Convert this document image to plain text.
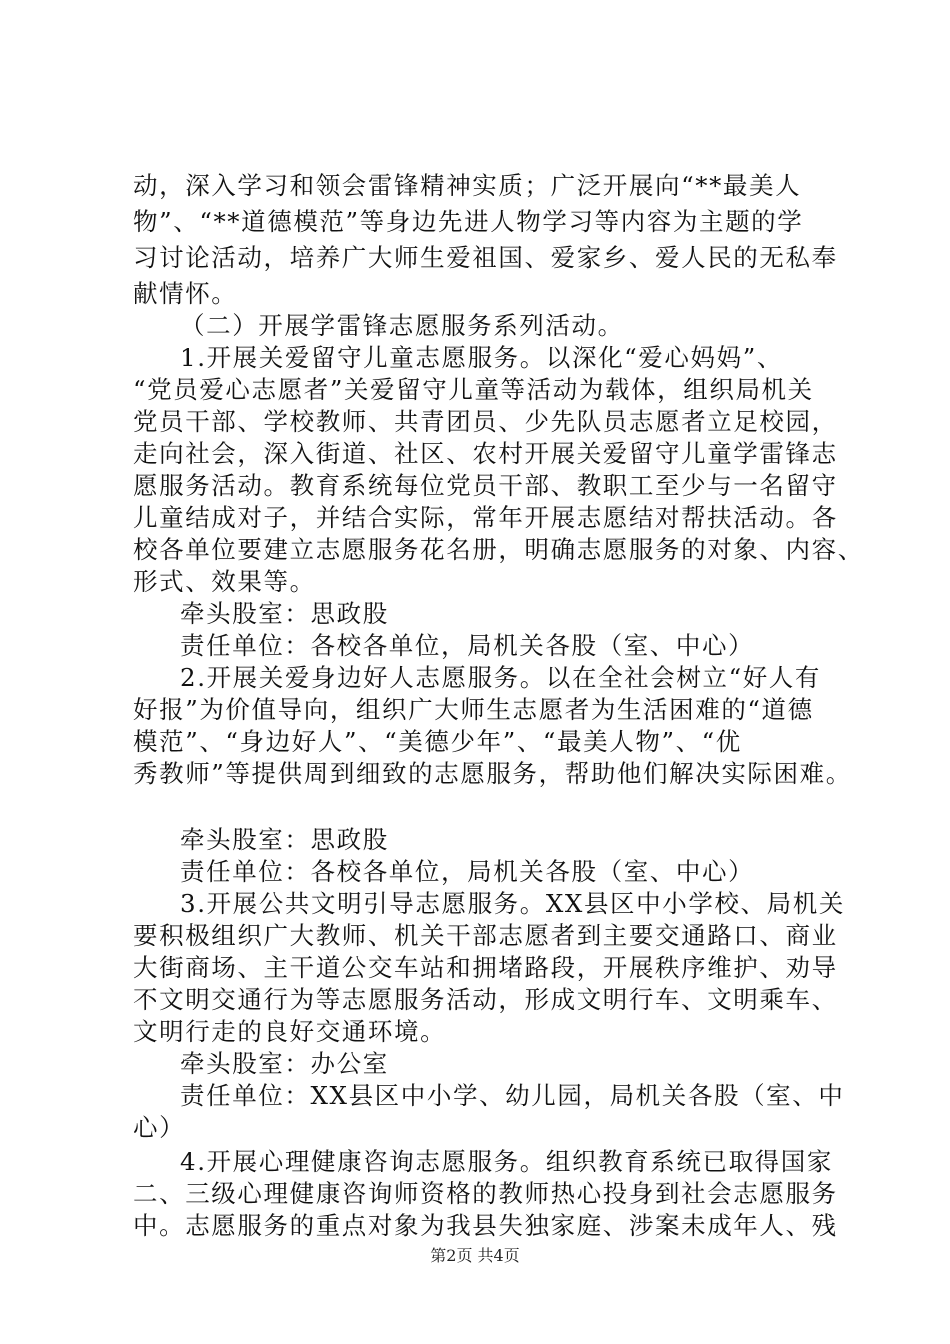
动，深入学习和领会雷锋精神实质；广泛开展向“**最美人
物”、“**道德模范”等身边先进人物学习等内容为主题的学
习讨论活动，培养广大师生爱祖国、爱家乡、爱人民的无私奉
献情怀。
（二）开展学雷锋志愿服务系列活动。
1.开展关爱留守儿童志愿服务。以深化“爱心妈妈”、
“党员爱心志愿者”关爱留守儿童等活动为载体，组织局机关
党员干部、学校教师、共青团员、少先队员志愿者立足校园，
走向社会，深入街道、社区、农村开展关爱留守儿童学雷锋志
愿服务活动。教育系统每位党员干部、教职工至少与一名留守
儿童结成对子，并结合实际，常年开展志愿结对帮扶活动。各
校各单位要建立志愿服务花名册，明确志愿服务的对象、内容、
形式、效果等。
牵头股室：思政股
责任单位：各校各单位，局机关各股（室、中心）
2.开展关爱身边好人志愿服务。以在全社会树立“好人有
好报”为价值导向，组织广大师生志愿者为生活困难的“道德
模范”、“身边好人”、“美德少年”、“最美人物”、“优
秀教师”等提供周到细致的志愿服务，帮助他们解决实际困难。
牵头股室：思政股
责任单位：各校各单位，局机关各股（室、中心）
3.开展公共文明引导志愿服务。XX县区中小学校、局机关
要积极组织广大教师、机关干部志愿者到主要交通路口、商业
大街商场、主干道公交车站和拥堵路段，开展秩序维护、劝导
不文明交通行为等志愿服务活动，形成文明行车、文明乘车、
文明行走的良好交通环境。
牵头股室：办公室
责任单位：XX县区中小学、幼儿园，局机关各股（室、中
心）
4.开展心理健康咨询志愿服务。组织教育系统已取得国家
二、三级心理健康咨询师资格的教师热心投身到社会志愿服务
中。志愿服务的重点对象为我县失独家庭、涉案未成年人、残
第2页 共4页
